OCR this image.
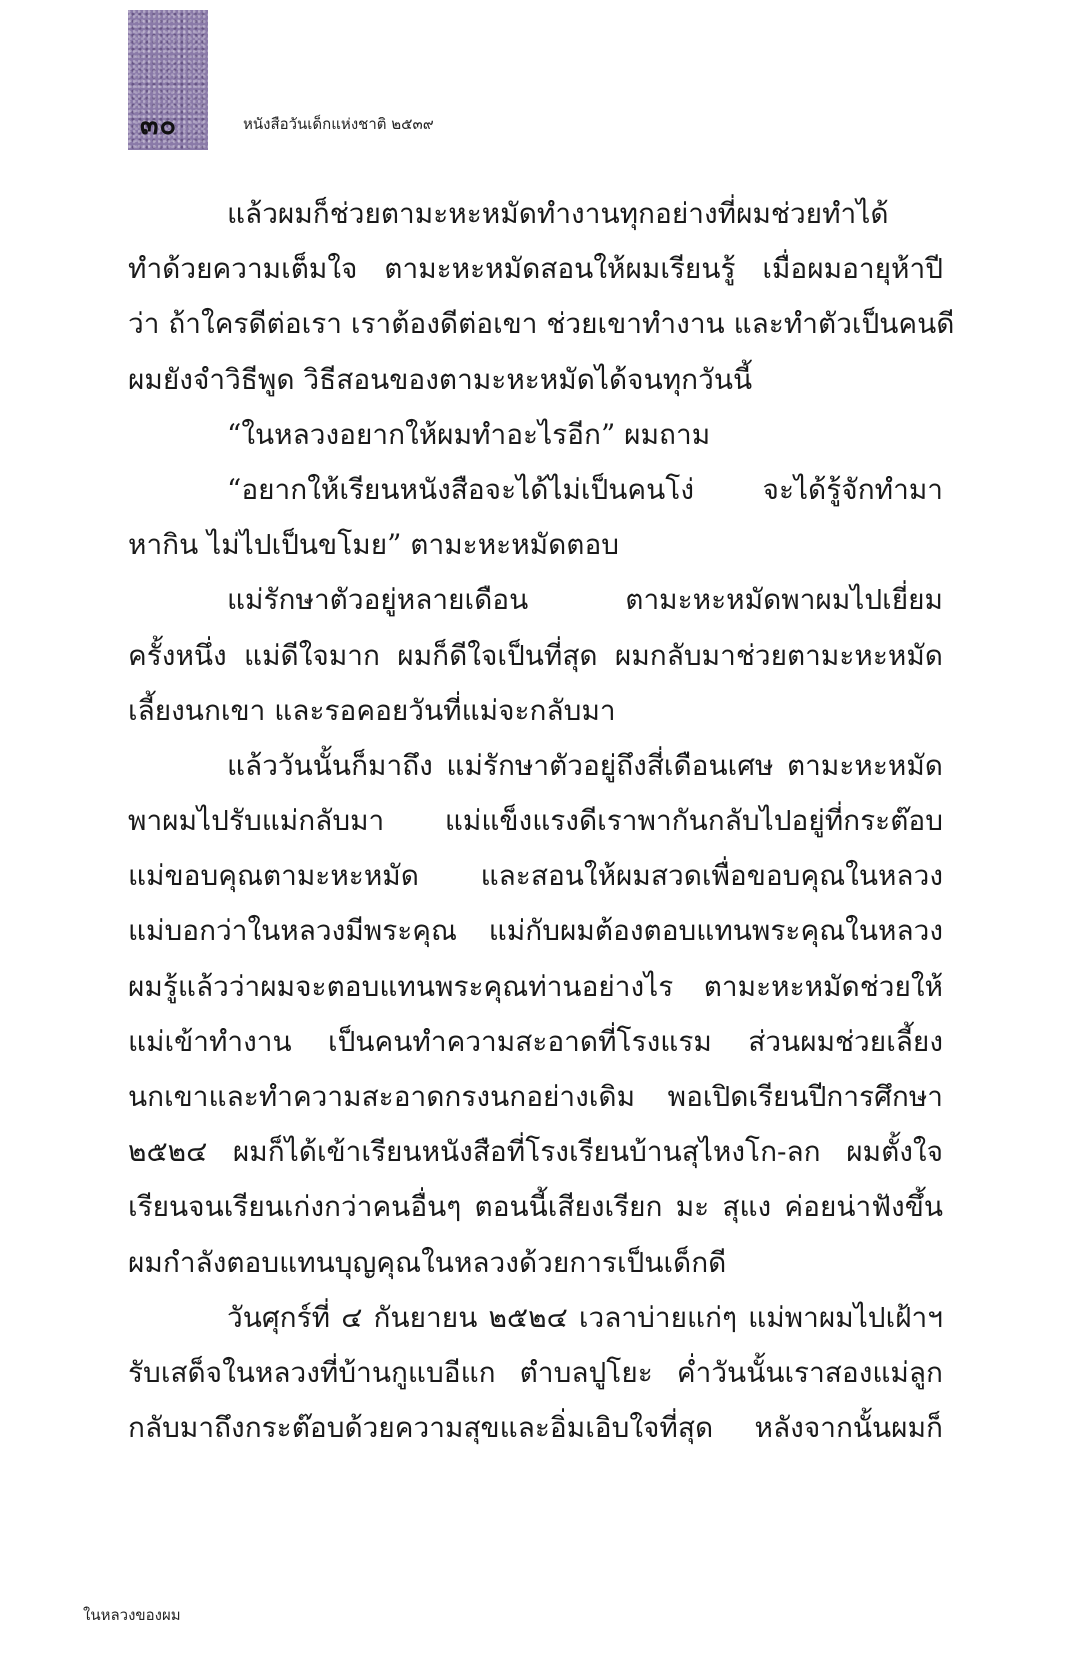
๓๐	หนังสือวันเด็กแห่งชาติ ๒๕๓๙
แล้วผมก็ช่วยตามะหะหมัดทำงานทุกอย่างที่ผมช่วยทำได้
ทำด้วยความเต็มใจ ตามะหะหมัดสอนให้ผมเรียนรู้ เมื่อผมอายุห้าปี
ว่า ถ้าใครดีต่อเรา เราต้องดีต่อเขา ช่วยเขาทำงาน และทำตัวเป็นคนดี
ผมยังจำวิธีพูด วิธีสอนของตามะหะหมัดได้จนทุกวันนี้
“ในหลวงอยากให้ผมทำอะไรอีก” ผมถาม
“อยากให้เรียนหนังสือจะได้ไม่เป็นคนโง่ จะได้รู้จักทำมา
หากิน ไม่ไปเป็นขโมย” ตามะหะหมัดตอบ
แม่รักษาตัวอยู่หลายเดือน ตามะหะหมัดพาผมไปเยี่ยม
ครั้งหนึ่ง แม่ดีใจมาก ผมก็ดีใจเป็นที่สุด ผมกลับมาช่วยตามะหะหมัด
เลี้ยงนกเขา และรอคอยวันที่แม่จะกลับมา
แล้ววันนั้นก็มาถึง แม่รักษาตัวอยู่ถึงสี่เดือนเศษ ตามะหะหมัด
พาผมไปรับแม่กลับมา แม่แข็งแรงดีเราพากันกลับไปอยู่ที่กระต๊อบ
แม่ขอบคุณตามะหะหมัด และสอนให้ผมสวดเพื่อขอบคุณในหลวง
แม่บอกว่าในหลวงมีพระคุณ แม่กับผมต้องตอบแทนพระคุณในหลวง
ผมรู้แล้วว่าผมจะตอบแทนพระคุณท่านอย่างไร ตามะหะหมัดช่วยให้
แม่เข้าทำงาน เป็นคนทำความสะอาดที่โรงแรม ส่วนผมช่วยเลี้ยง
นกเขาและทำความสะอาดกรงนกอย่างเดิม พอเปิดเรียนปีการศึกษา
๒๕๒๔ ผมก็ได้เข้าเรียนหนังสือที่โรงเรียนบ้านสุไหงโก-ลก ผมตั้งใจ
เรียนจนเรียนเก่งกว่าคนอื่นๆ ตอนนี้เสียงเรียก มะ สุแง ค่อยน่าฟังขึ้น
ผมกำลังตอบแทนบุญคุณในหลวงด้วยการเป็นเด็กดี
วันศุกร์ที่ ๔ กันยายน ๒๕๒๔ เวลาบ่ายแก่ๆ แม่พาผมไปเฝ้าฯ
รับเสด็จในหลวงที่บ้านกูแบอีแก ตำบลปูโยะ ค่ำวันนั้นเราสองแม่ลูก
กลับมาถึงกระต๊อบด้วยความสุขและอิ่มเอิบใจที่สุด หลังจากนั้นผมก็
ในหลวงของผม
